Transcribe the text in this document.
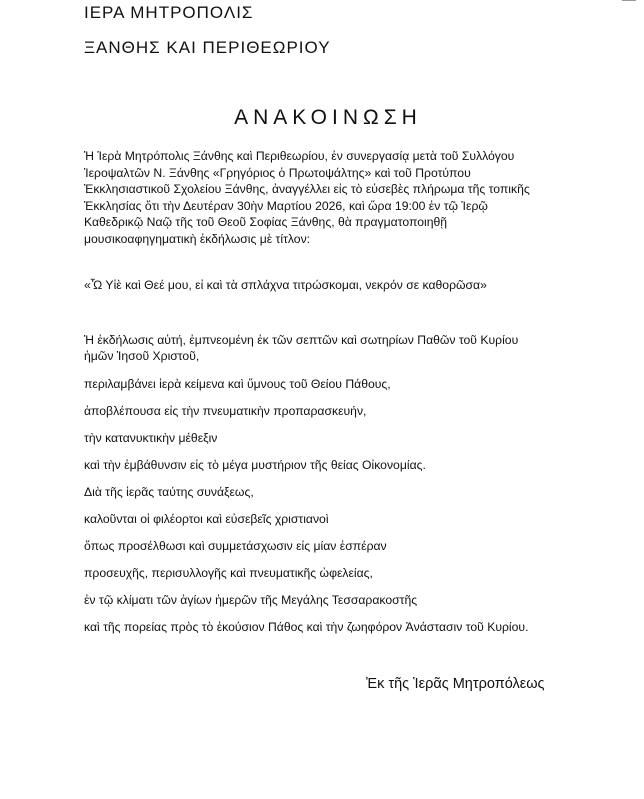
ΙΕΡΑ ΜΗΤΡΟΠΟΛΙΣ
ΞΑΝΘΗΣ ΚΑΙ ΠΕΡΙΘΕΩΡΙΟΥ
ΑΝΑΚΟΙΝΩΣΗ
Ἡ Ἱερὰ Μητρόπολις Ξάνθης καὶ Περιθεωρίου, ἐν συνεργασίᾳ μετὰ τοῦ Συλλόγου
Ἱεροψαλτῶν Ν. Ξάνθης «Γρηγόριος ὁ Πρωτοψάλτης» καὶ τοῦ Προτύπου
Ἐκκλησιαστικοῦ Σχολείου Ξάνθης, ἀναγγέλλει εἰς τὸ εὐσεβὲς πλήρωμα τῆς τοπικῆς
Ἐκκλησίας ὅτι τὴν Δευτέραν 30ὴν Μαρτίου 2026, καὶ ὥρα 19:00 ἐν τῷ Ἱερῷ
Καθεδρικῷ Ναῷ τῆς τοῦ Θεοῦ Σοφίας Ξάνθης, θὰ πραγματοποιηθῇ
μουσικοαφηγηματικὴ ἐκδήλωσις μὲ τίτλον:
«Ὦ Υἱὲ καὶ Θεέ μου, εἰ καὶ τὰ σπλάχνα τιτρώσκομαι, νεκρόν σε καθορῶσα»
Ἡ ἐκδήλωσις αὐτή, ἐμπνεομένη ἐκ τῶν σεπτῶν καὶ σωτηρίων Παθῶν τοῦ Κυρίου
ἡμῶν Ἰησοῦ Χριστοῦ,
περιλαμβάνει ἱερὰ κείμενα καὶ ὕμνους τοῦ Θείου Πάθους,
ἀποβλέπουσα εἰς τὴν πνευματικὴν προπαρασκευήν,
τὴν κατανυκτικὴν μέθεξιν
καὶ τὴν ἐμβάθυνσιν εἰς τὸ μέγα μυστήριον τῆς θείας Οἰκονομίας.
Διὰ τῆς ἱερᾶς ταύτης συνάξεως,
καλοῦνται οἱ φιλέορτοι καὶ εὐσεβεῖς χριστιανοὶ
ὅπως προσέλθωσι καὶ συμμετάσχωσιν εἰς μίαν ἑσπέραν
προσευχῆς, περισυλλογῆς καὶ πνευματικῆς ὠφελείας,
ἐν τῷ κλίματι τῶν ἁγίων ἡμερῶν τῆς Μεγάλης Τεσσαρακοστῆς
καὶ τῆς πορείας πρὸς τὸ ἑκούσιον Πάθος καὶ τὴν ζωηφόρον Ἀνάστασιν τοῦ Κυρίου.
Ἐκ τῆς Ἱερᾶς Μητροπόλεως
